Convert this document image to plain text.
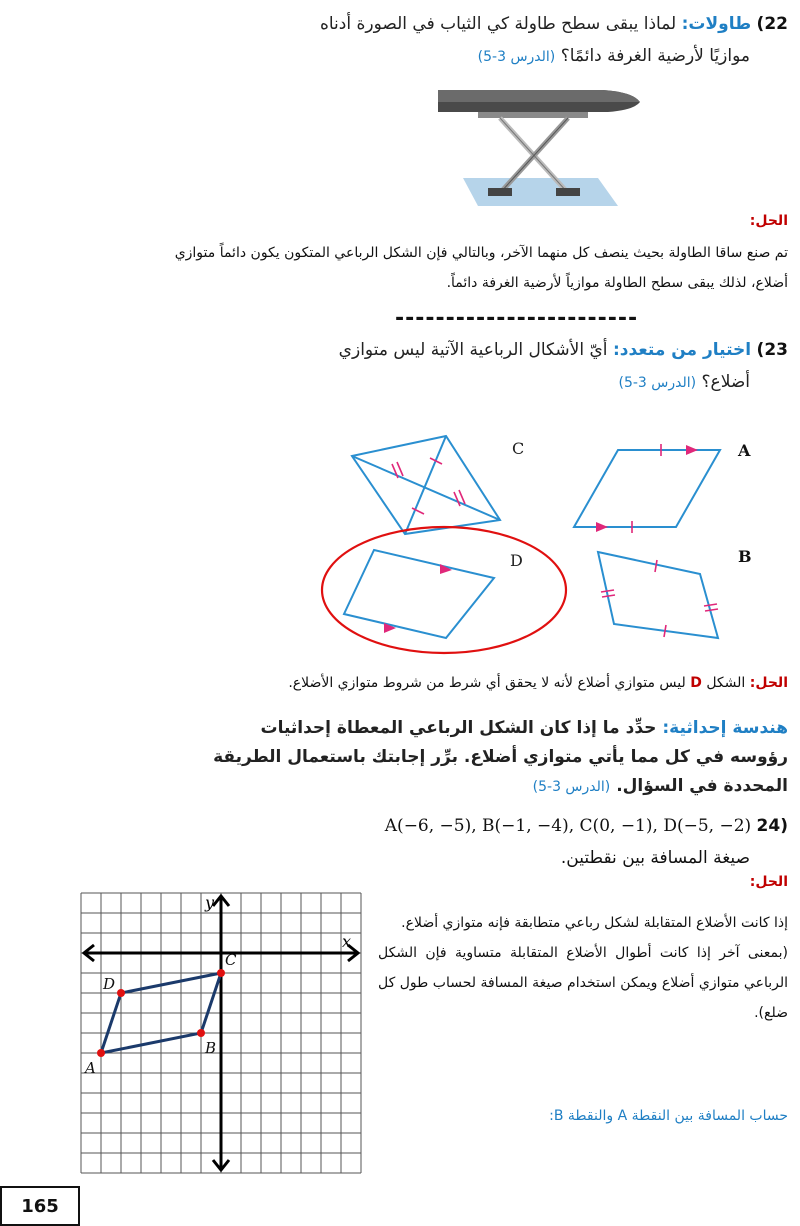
22) طاولات: لماذا يبقى سطح طاولة كي الثياب في الصورة أدناه
موازيًا لأرضية الغرفة دائمًا؟ (الدرس 3-5)
الحل:
تم صنع ساقا الطاولة بحيث ينصف كل منهما الآخر، وبالتالي فإن الشكل الرباعي المتكون يكون دائماً متوازي
أضلاع، لذلك يبقى سطح الطاولة موازياً لأرضية الغرفة دائماً.
------------------------
23) اختيار من متعدد: أيّ الأشكال الرباعية الآتية ليس متوازي
أضلاع؟ (الدرس 3-5)
C	A
D	B
الحل: الشكل D ليس متوازي أضلاع لأنه لا يحقق أي شرط من شروط متوازي الأضلاع.
هندسة إحداثية: حدِّد ما إذا كان الشكل الرباعي المعطاة إحداثيات
رؤوسه في كل مما يأتي متوازي أضلاع. برِّر إجابتك باستعمال الطريقة
المحددة في السؤال. (الدرس 3-5)
(24 A(−6, −5), B(−1, −4), C(0, −1), D(−5, −2)
صيغة المسافة بين نقطتين.
الحل:
إذا كانت الأضلاع المتقابلة لشكل رباعي متطابقة فإنه متوازي أضلاع.
(بمعنى آخر إذا كانت أطوال الأضلاع المتقابلة متساوية فإن الشكل الرباعي متوازي أضلاع ويمكن استخدام صيغة المسافة لحساب طول كل ضلع).
حساب المسافة بين النقطة A والنقطة B:
A
B
C
D
x
y
165
